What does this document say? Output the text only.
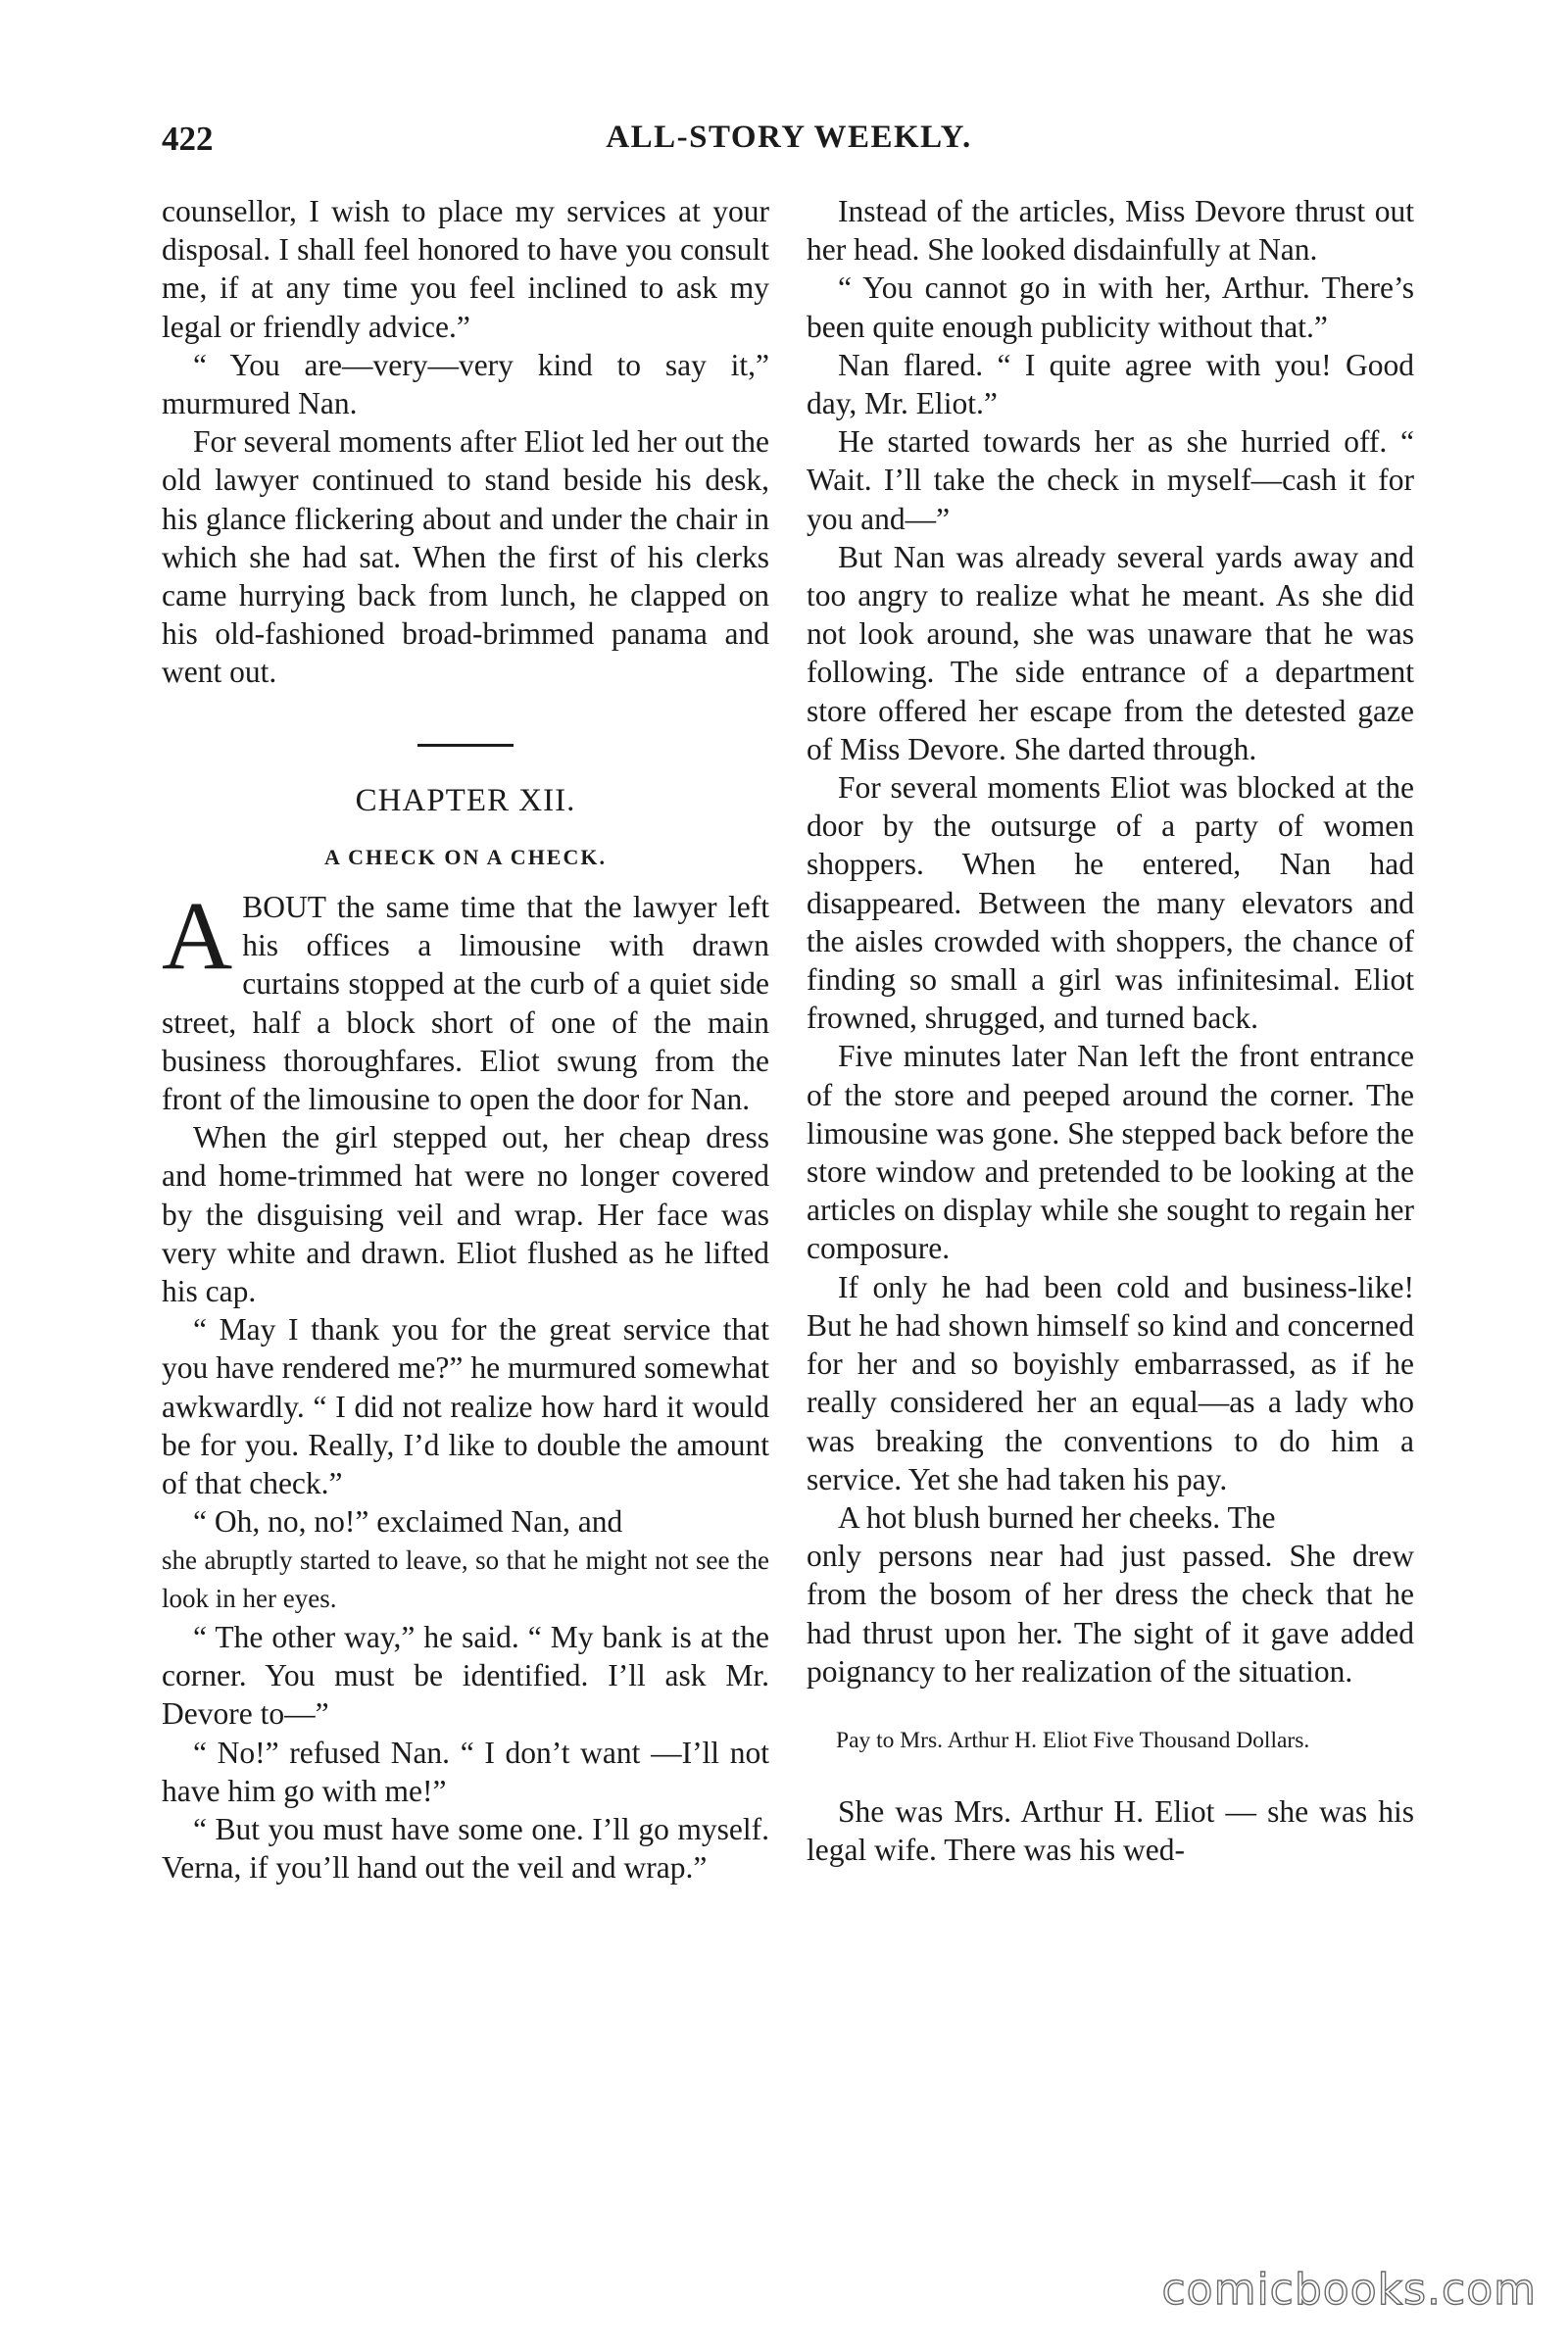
422	ALL-STORY WEEKLY.

counsellor, I wish to place my services at your disposal. I shall feel honored to have you consult me, if at any time you feel inclined to ask my legal or friendly advice.”

“ You are—very—very kind to say it,” murmured Nan.

For several moments after Eliot led her out the old lawyer continued to stand beside his desk, his glance flickering about and under the chair in which she had sat. When the first of his clerks came hurrying back from lunch, he clapped on his old-fashioned broad-brimmed panama and went out.

CHAPTER XII.
A CHECK ON A CHECK.

ABOUT the same time that the lawyer left his offices a limousine with drawn curtains stopped at the curb of a quiet side street, half a block short of one of the main business thoroughfares. Eliot swung from the front of the limousine to open the door for Nan.

When the girl stepped out, her cheap dress and home-trimmed hat were no longer covered by the disguising veil and wrap. Her face was very white and drawn. Eliot flushed as he lifted his cap.

“ May I thank you for the great service that you have rendered me?” he murmured somewhat awkwardly. “ I did not realize how hard it would be for you. Really, I’d like to double the amount of that check.”

“ Oh, no, no!” exclaimed Nan, and

she abruptly started to leave, so that he might not see the look in her eyes.

“ The other way,” he said. “ My bank is at the corner. You must be identified. I’ll ask Mr. Devore to—”

“ No!” refused Nan. “ I don’t want —I’ll not have him go with me!”

“ But you must have some one. I’ll go myself. Verna, if you’ll hand out the veil and wrap.”

Instead of the articles, Miss Devore thrust out her head. She looked disdainfully at Nan.

“ You cannot go in with her, Arthur. There’s been quite enough publicity without that.”

Nan flared. “ I quite agree with you! Good day, Mr. Eliot.”

He started towards her as she hurried off. “ Wait. I’ll take the check in myself—cash it for you and—”

But Nan was already several yards away and too angry to realize what he meant. As she did not look around, she was unaware that he was following. The side entrance of a department store offered her escape from the detested gaze of Miss Devore. She darted through.

For several moments Eliot was blocked at the door by the outsurge of a party of women shoppers. When he entered, Nan had disappeared. Between the many elevators and the aisles crowded with shoppers, the chance of finding so small a girl was infinitesimal. Eliot frowned, shrugged, and turned back.

Five minutes later Nan left the front entrance of the store and peeped around the corner. The limousine was gone. She stepped back before the store window and pretended to be looking at the articles on display while she sought to regain her composure.

If only he had been cold and business-like! But he had shown himself so kind and concerned for her and so boyishly embarrassed, as if he really considered her an equal—as a lady who was breaking the conventions to do him a service. Yet she had taken his pay.

A hot blush burned her cheeks. The

only persons near had just passed. She drew from the bosom of her dress the check that he had thrust upon her. The sight of it gave added poignancy to her realization of the situation.

Pay to Mrs. Arthur H. Eliot Five Thousand Dollars.

She was Mrs. Arthur H. Eliot — she was his legal wife. There was his wed-

comicbooks.com
